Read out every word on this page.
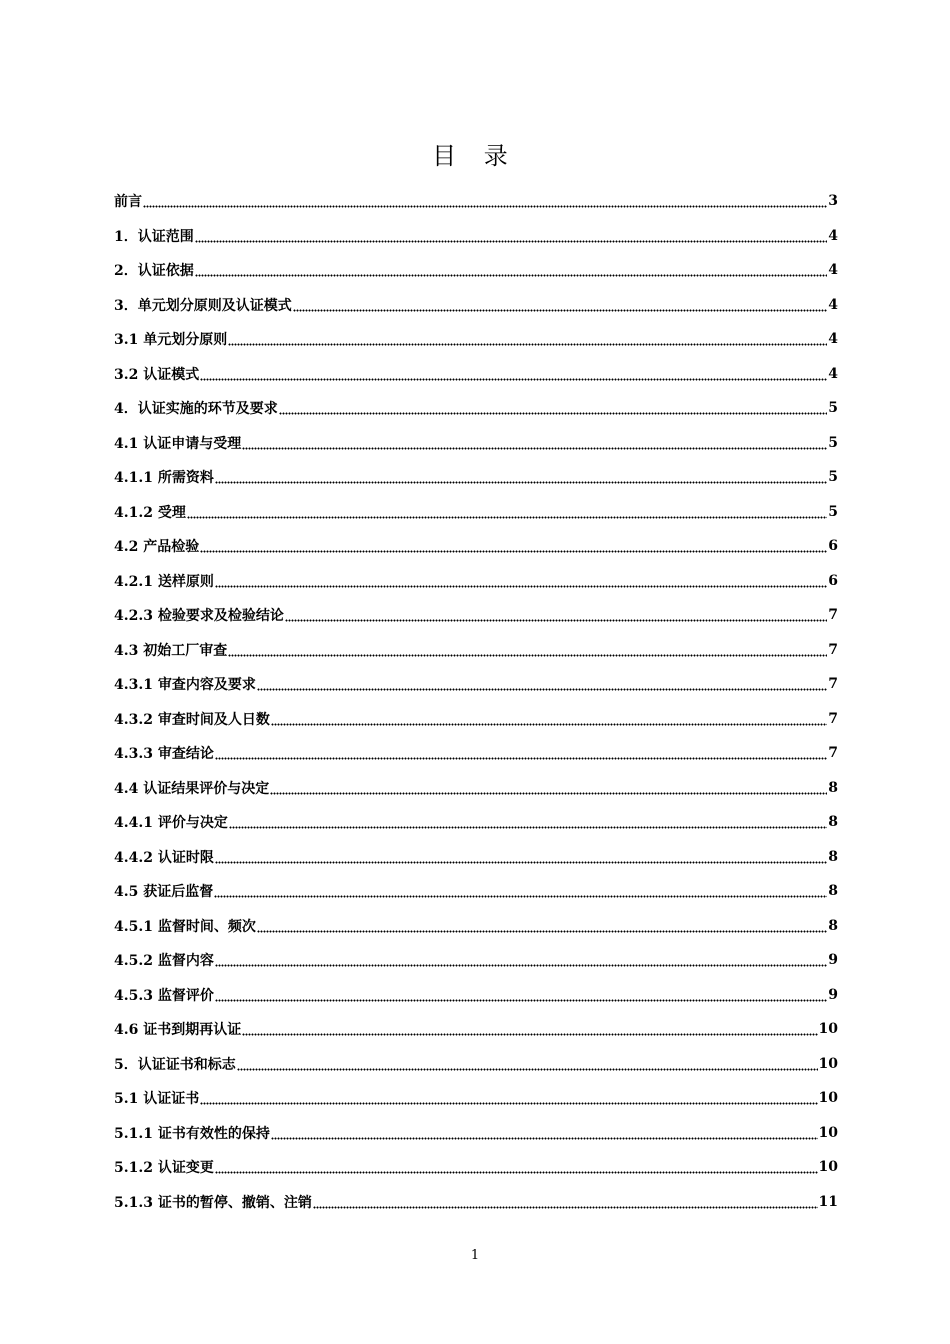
目 录
前言	3
1．认证范围	4
2．认证依据	4
3．单元划分原则及认证模式	4
3.1 单元划分原则	4
3.2 认证模式	4
4．认证实施的环节及要求	5
4.1 认证申请与受理	5
4.1.1 所需资料	5
4.1.2 受理	5
4.2 产品检验	6
4.2.1 送样原则	6
4.2.3 检验要求及检验结论	7
4.3 初始工厂审查	7
4.3.1 审查内容及要求	7
4.3.2 审查时间及人日数	7
4.3.3 审查结论	7
4.4 认证结果评价与决定	8
4.4.1 评价与决定	8
4.4.2 认证时限	8
4.5 获证后监督	8
4.5.1 监督时间、频次	8
4.5.2 监督内容	9
4.5.3 监督评价	9
4.6 证书到期再认证	10
5．认证证书和标志	10
5.1 认证证书	10
5.1.1 证书有效性的保持	10
5.1.2 认证变更	10
5.1.3 证书的暂停、撤销、注销	11
1
